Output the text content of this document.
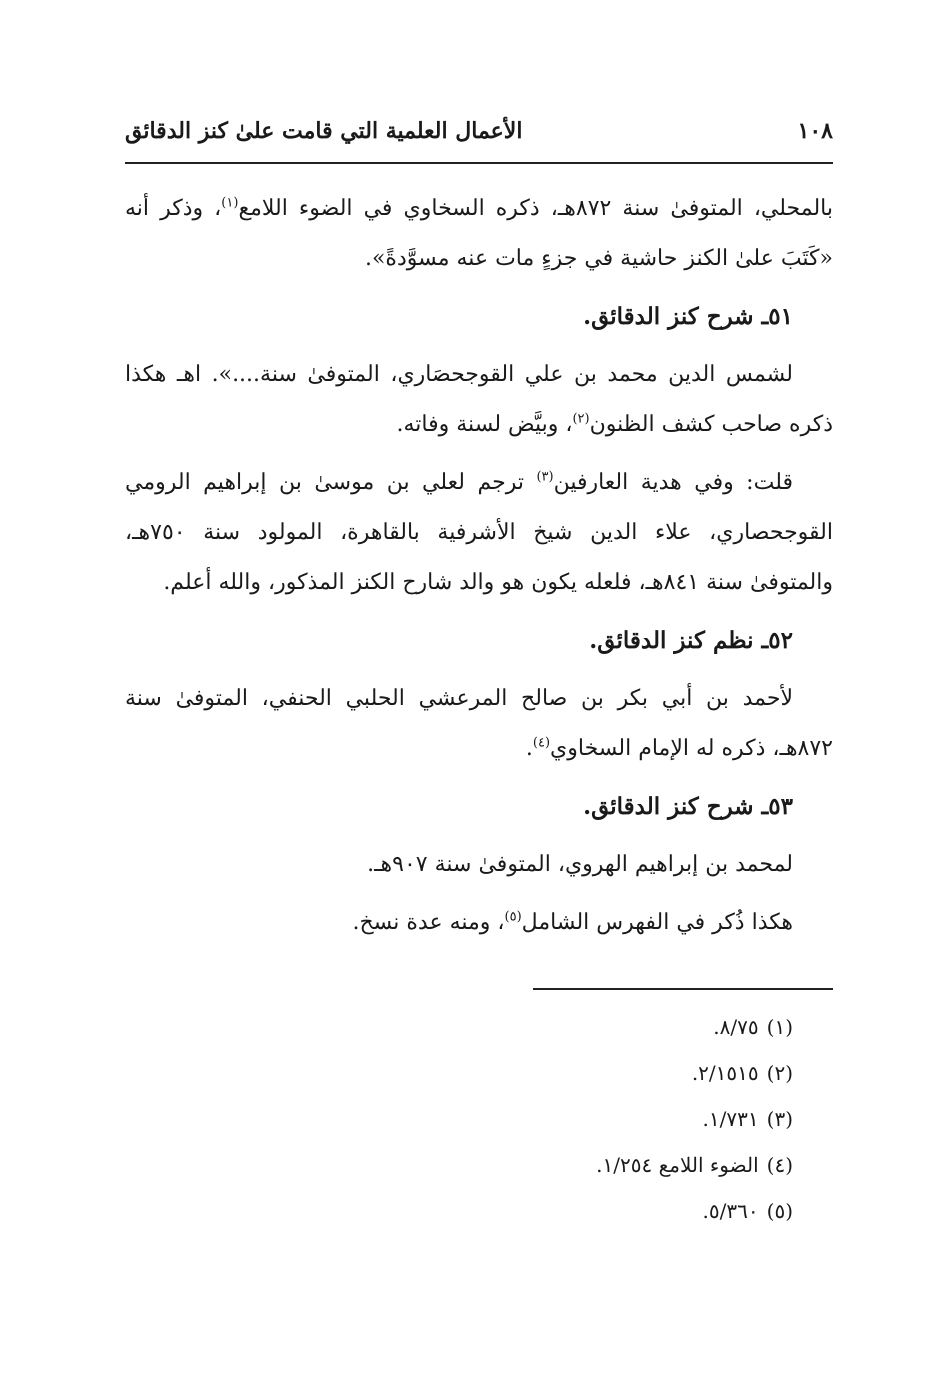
١٠٨
الأعمال العلمية التي قامت علىٰ كنز الدقائق

بالمحلي، المتوفىٰ سنة ٨٧٢هـ، ذكره السخاوي في الضوء اللامع$^{(١)}$، وذكر أنه «كَتَبَ علىٰ الكنز حاشية في جزءٍ مات عنه مسوَّدةً».

٥١ـ شرح كنز الدقائق.

لشمس الدين محمد بن علي القوجحصَاري، المتوفىٰ سنة....». اهـ هكذا ذكره صاحب كشف الظنون$^{(٢)}$، وبيَّض لسنة وفاته.

قلت: وفي هدية العارفين$^{(٣)}$ ترجم لعلي بن موسىٰ بن إبراهيم الرومي القوجحصاري، علاء الدين شيخ الأشرفية بالقاهرة، المولود سنة ٧٥٠هـ، والمتوفىٰ سنة ٨٤١هـ، فلعله يكون هو والد شارح الكنز المذكور، والله أعلم.

٥٢ـ نظم كنز الدقائق.

لأحمد بن أبي بكر بن صالح المرعشي الحلبي الحنفي، المتوفىٰ سنة ٨٧٢هـ، ذكره له الإمام السخاوي$^{(٤)}$.

٥٣ـ شرح كنز الدقائق.

لمحمد بن إبراهيم الهروي، المتوفىٰ سنة ٩٠٧هـ.

هكذا ذُكر في الفهرس الشامل$^{(٥)}$، ومنه عدة نسخ.

(١)٨/٧٥.
(٢)٢/١٥١٥.
(٣)١/٧٣١.
(٤)الضوء اللامع ١/٢٥٤.
(٥)٥/٣٦٠.
